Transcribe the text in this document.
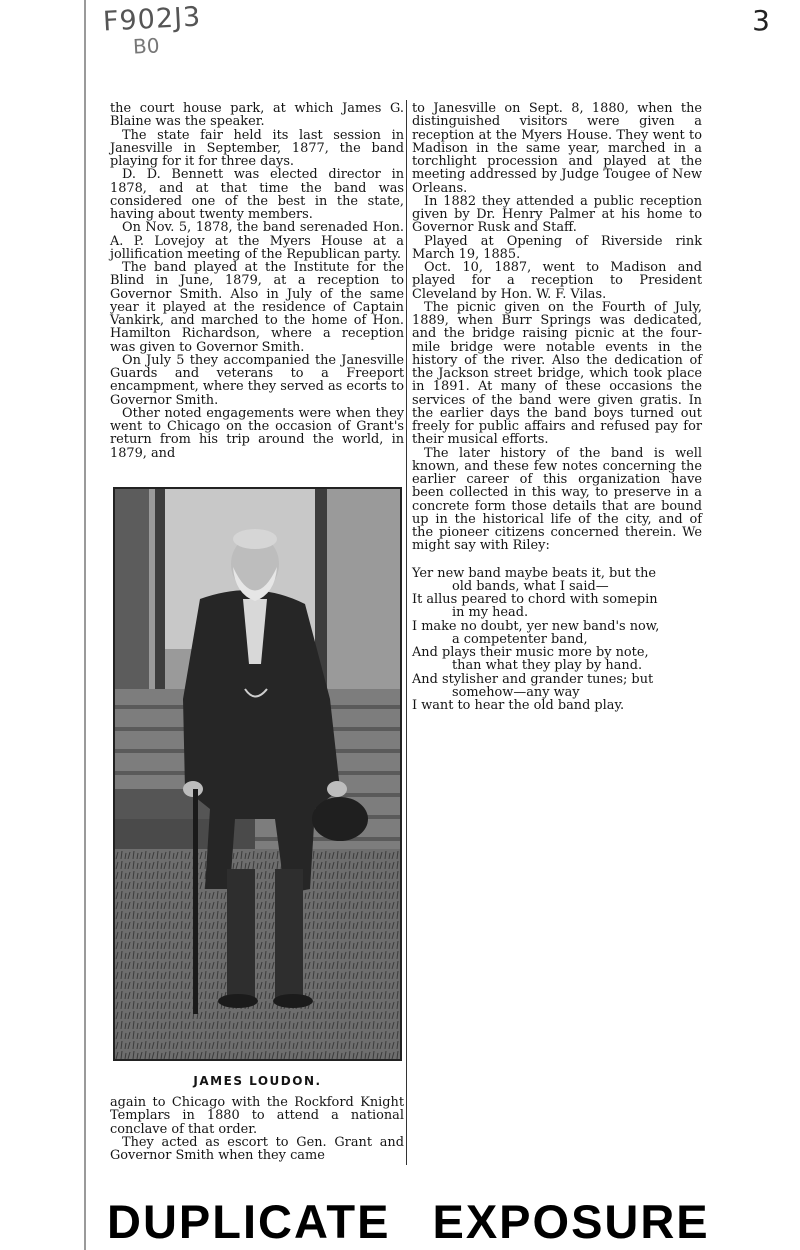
F902J3
B0
3

the court house park, at which James G. Blaine was the speaker.

The state fair held its last session in Janesville in September, 1877, the band playing for it for three days.

D. D. Bennett was elected director in 1878, and at that time the band was considered one of the best in the state, having about twenty members.

On Nov. 5, 1878, the band serenaded Hon. A. P. Lovejoy at the Myers House at a jollification meeting of the Republican party.

The band played at the Institute for the Blind in June, 1879, at a reception to Governor Smith. Also in July of the same year it played at the residence of Captain Vankirk, and marched to the home of Hon. Hamilton Richardson, where a reception was given to Governor Smith.

On July 5 they accompanied the Janesville Guards and veterans to a Freeport encampment, where they served as ecorts to Governor Smith.

Other noted engagements were when they went to Chicago on the occasion of Grant's return from his trip around the world, in 1879, and

to Janesville on Sept. 8, 1880, when the distinguished visitors were given a reception at the Myers House. They went to Madison in the same year, marched in a torchlight procession and played at the meeting addressed by Judge Tougee of New Orleans.

In 1882 they attended a public reception given by Dr. Henry Palmer at his home to Governor Rusk and Staff.

Played at Opening of Riverside rink March 19, 1885.

Oct. 10, 1887, went to Madison and played for a reception to President Cleveland by Hon. W. F. Vilas.

The picnic given on the Fourth of July, 1889, when Burr Springs was dedicated, and the bridge raising picnic at the four-mile bridge were notable events in the history of the river. Also the dedication of the Jackson street bridge, which took place in 1891. At many of these occasions the services of the band were given gratis. In the earlier days the band boys turned out freely for public affairs and refused pay for their musical efforts.

The later history of the band is well known, and these few notes concerning the earlier career of this organization have been collected in this way, to preserve in a concrete form those details that are bound up in the historical life of the city, and of the pioneer citizens concerned therein. We might say with Riley:

Yer new band maybe beats it, but the
old bands, what I said—
It allus peared to chord with somepin
in my head.
I make no doubt, yer new band's now,
a competenter band,
And plays their music more by note,
than what they play by hand.
And stylisher and grander tunes; but
somehow—any way
I want to hear the old band play.
JAMES LOUDON.

again to Chicago with the Rockford Knight Templars in 1880 to attend a national conclave of that order.

They acted as escort to Gen. Grant and Governor Smith when they came

DUPLICATE EXPOSURE
